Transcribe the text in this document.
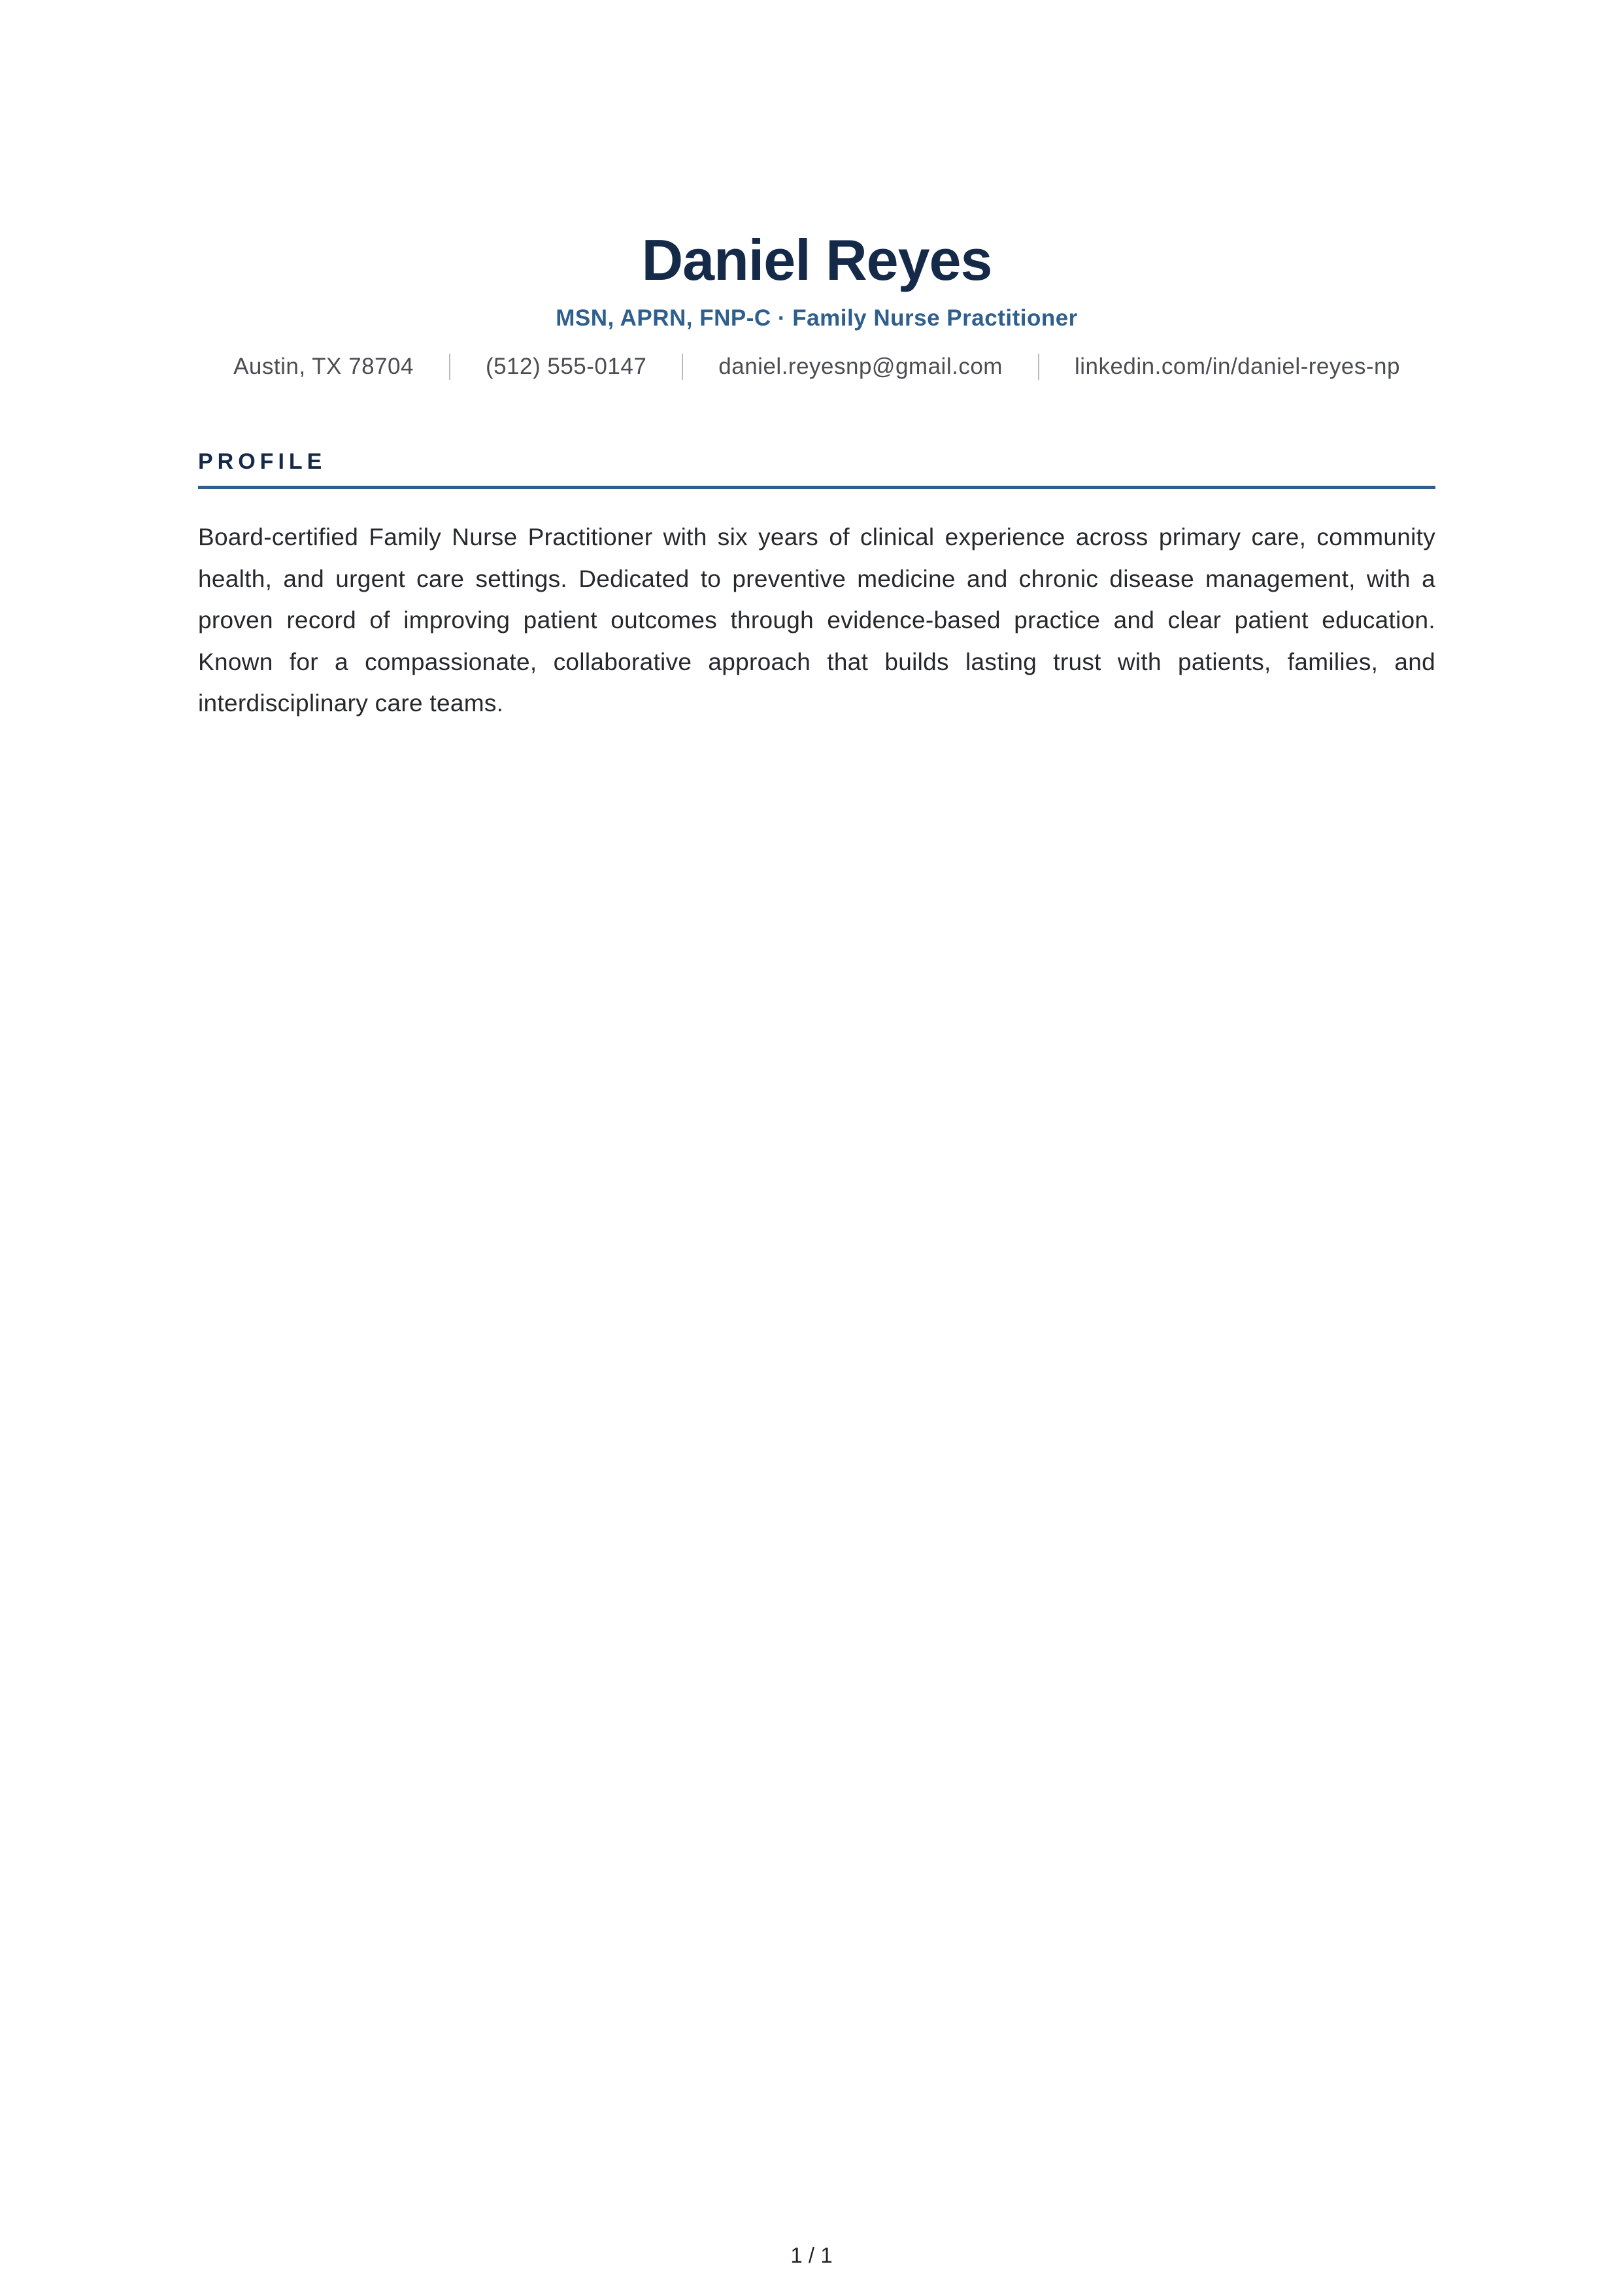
Daniel Reyes
MSN, APRN, FNP-C · Family Nurse Practitioner
Austin, TX 78704	(512) 555-0147	daniel.reyesnp@gmail.com	linkedin.com/in/daniel-reyes-np
PROFILE

Board-certified Family Nurse Practitioner with six years of clinical experience across primary care, community health, and urgent care settings. Dedicated to preventive medicine and chronic disease management, with a proven record of improving patient outcomes through evidence-based practice and clear patient education. Known for a compassionate, collaborative approach that builds lasting trust with patients, families, and interdisciplinary care teams.

1 / 1
